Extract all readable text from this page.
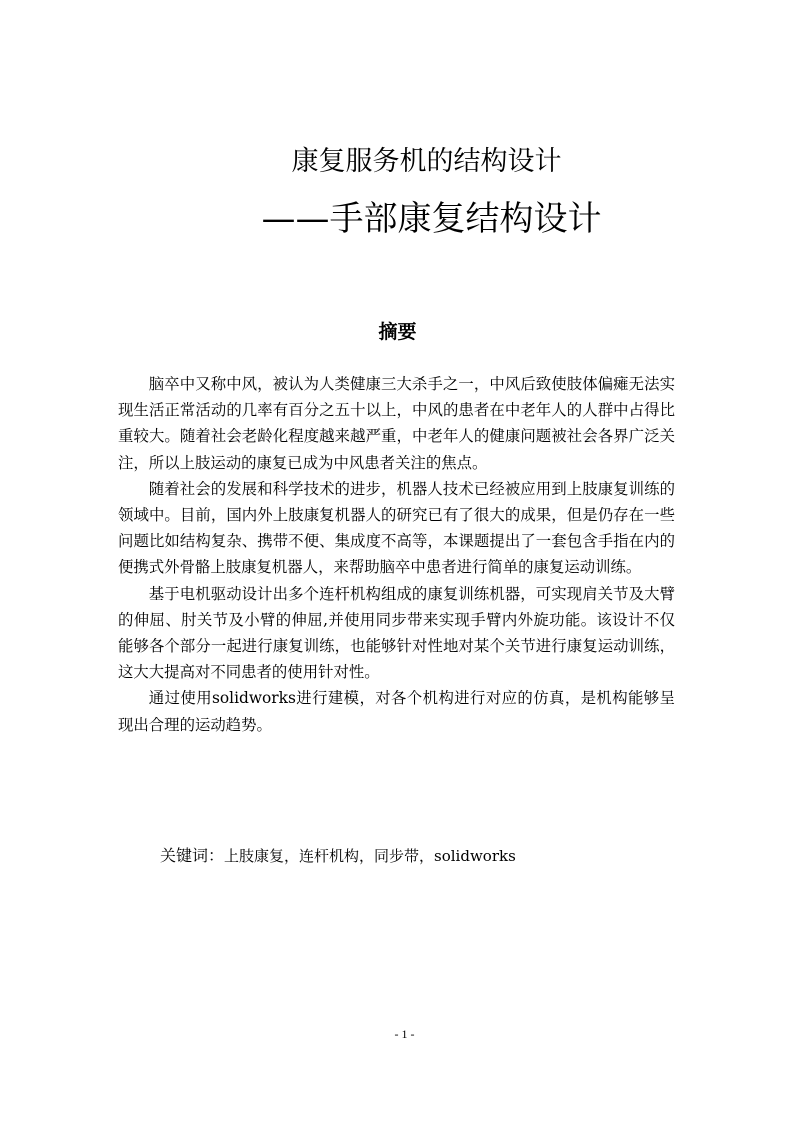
康复服务机的结构设计
——手部康复结构设计
摘要

脑卒中又称中风，被认为人类健康三大杀手之一，中风后致使肢体偏瘫无法实现生活正常活动的几率有百分之五十以上，中风的患者在中老年人的人群中占得比重较大。随着社会老龄化程度越来越严重，中老年人的健康问题被社会各界广泛关注，所以上肢运动的康复已成为中风患者关注的焦点。

随着社会的发展和科学技术的进步，机器人技术已经被应用到上肢康复训练的领域中。目前，国内外上肢康复机器人的研究已有了很大的成果，但是仍存在一些问题比如结构复杂、携带不便、集成度不高等，本课题提出了一套包含手指在内的便携式外骨骼上肢康复机器人，来帮助脑卒中患者进行简单的康复运动训练。

基于电机驱动设计出多个连杆机构组成的康复训练机器，可实现肩关节及大臂的伸屈、肘关节及小臂的伸屈,并使用同步带来实现手臂内外旋功能。该设计不仅能够各个部分一起进行康复训练，也能够针对性地对某个关节进行康复运动训练，这大大提高对不同患者的使用针对性。

通过使用solidworks进行建模，对各个机构进行对应的仿真，是机构能够呈现出合理的运动趋势。

关键词：上肢康复，连杆机构，同步带，solidworks
- 1 -
